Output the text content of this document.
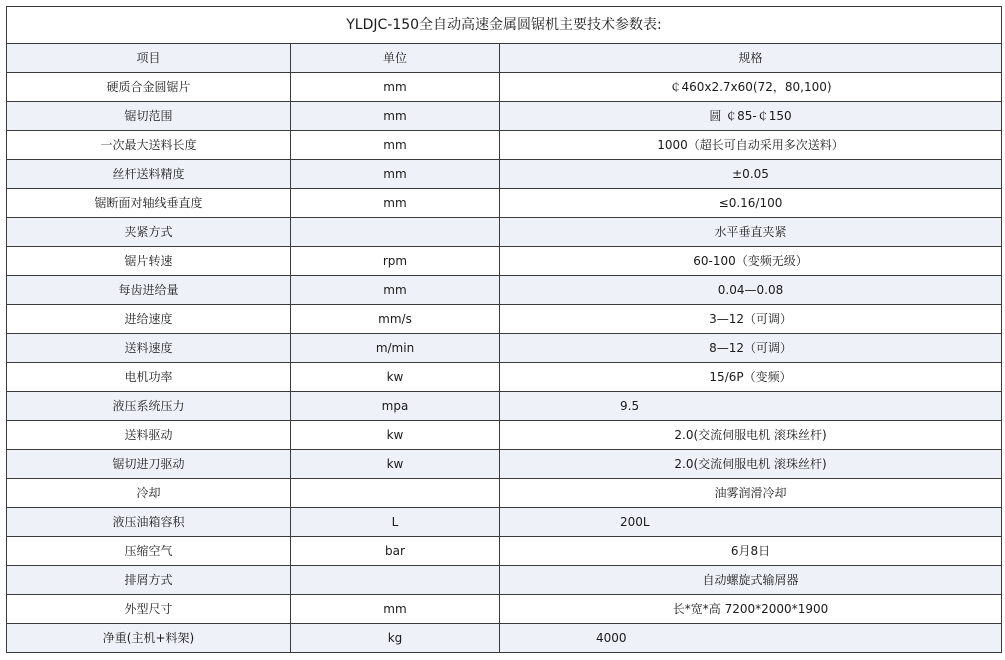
YLDJC-150全自动高速金属圆锯机主要技术参数表:		
项目	单位	规格
硬质合金圆锯片	mm	￠460x2.7x60(72，80,100)
锯切范围	mm	圆 ￠85-￠150
一次最大送料长度	mm	1000（超长可自动采用多次送料）
丝杆送料精度	mm	±0.05
锯断面对轴线垂直度	mm	≤0.16/100
夹紧方式		水平垂直夹紧
锯片转速	rpm	60-100（变频无级）
每齿进给量	mm	0.04—0.08
进给速度	mm/s	3—12（可调）
送料速度	m/min	8—12（可调）
电机功率	kw	15/6P（变频）
液压系统压力	mpa	9.5
送料驱动	kw	2.0(交流伺服电机 滚珠丝杆)
锯切进刀驱动	kw	2.0(交流伺服电机 滚珠丝杆)
冷却		油雾润滑冷却
液压油箱容积	L	200L
压缩空气	bar	6月8日
排屑方式		自动螺旋式输屑器
外型尺寸	mm	长*宽*高 7200*2000*1900
净重(主机+料架)	kg	4000
